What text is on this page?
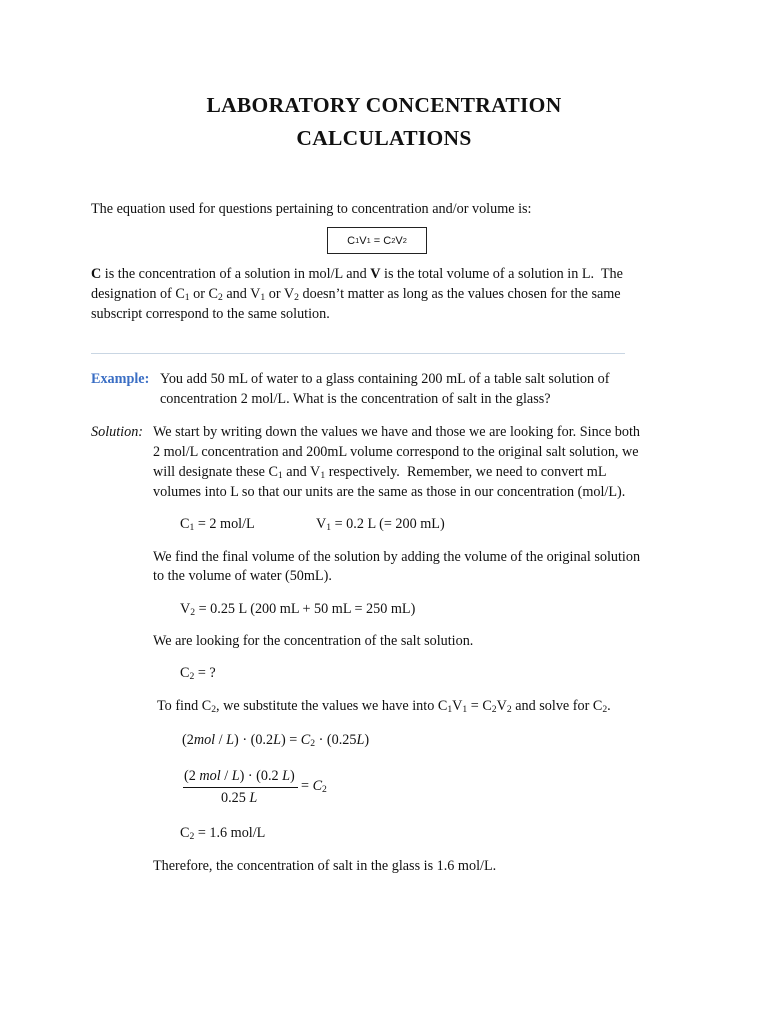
LABORATORY CONCENTRATION
CALCULATIONS
The equation used for questions pertaining to concentration and/or volume is:
C 1 V 1 = C 2 V 2
C is the concentration of a solution in mol/L and V is the total volume of a solution in L.  The
designation of $C_1$ or $C_2$ and $V_1$ or $V_2$ doesn’t matter as long as the values chosen for the same
subscript correspond to the same solution.
Example: You add 50 mL of water to a glass containing 200 mL of a table salt solution of
concentration 2 mol/L. What is the concentration of salt in the glass?
Solution: We start by writing down the values we have and those we are looking for. Since both
2 mol/L concentration and 200mL volume correspond to the original salt solution, we
will designate these $C_1$ and $V_1$ respectively.  Remember, we need to convert mL
volumes into L so that our units are the same as those in our concentration (mol/L).
$C_1 = 2$ mol/L	$V_1 = 0.2$ L (= 200 mL)
We find the final volume of the solution by adding the volume of the original solution
to the volume of water (50mL).
$V_2 = 0.25$ L (200 mL + 50 mL = 250 mL)
We are looking for the concentration of the salt solution.
$C_2$ = ?
To find $C_2$, we substitute the values we have into $C_1V_1 = C_2V_2$ and solve for $C_2$.
$(2mol / L) \cdot (0.2L) = C_2 \cdot (0.25L)$
(2 mol / L) · (0.2 L)
= $C_2$
0.25 L
$C_2 = 1.6$ mol/L
Therefore, the concentration of salt in the glass is 1.6 mol/L.
